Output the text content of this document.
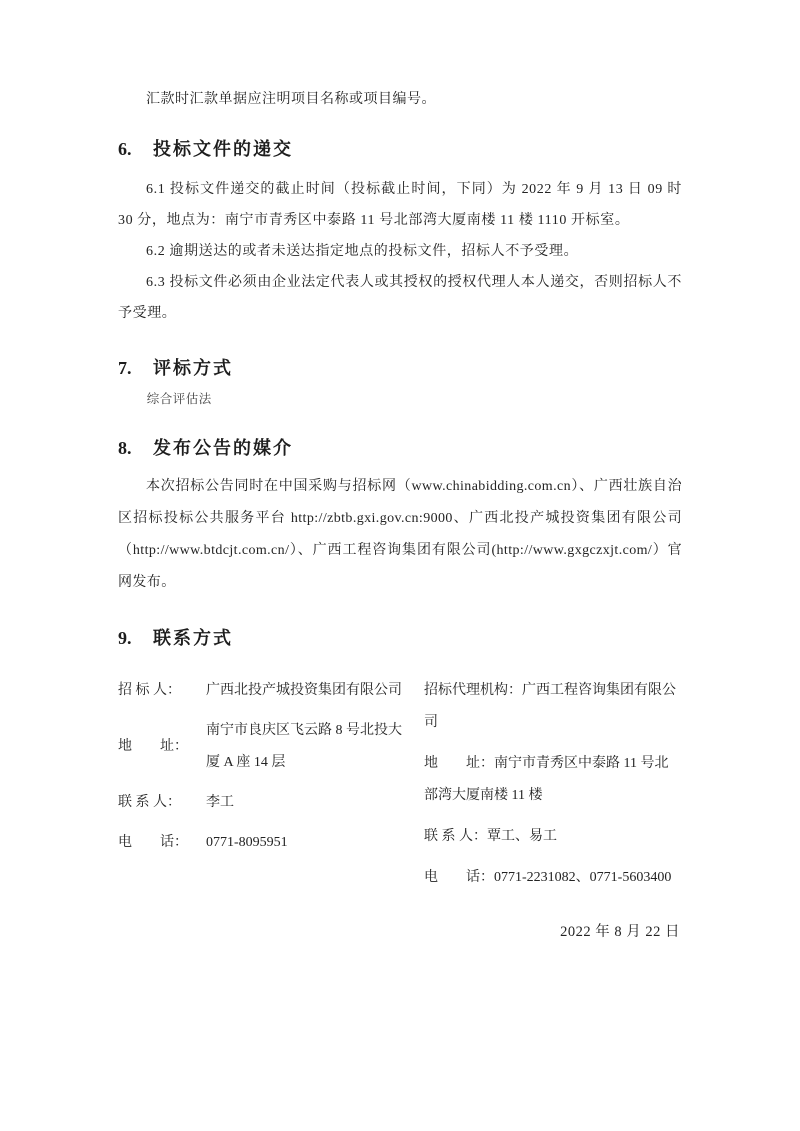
汇款时汇款单据应注明项目名称或项目编号。

6.	投标文件的递交

6.1 投标文件递交的截止时间（投标截止时间，下同）为 2022 年 9 月 13 日 09 时 30 分，地点为：南宁市青秀区中泰路 11 号北部湾大厦南楼 11 楼 1110 开标室。

6.2 逾期送达的或者未送达指定地点的投标文件，招标人不予受理。

6.3 投标文件必须由企业法定代表人或其授权的授权代理人本人递交，否则招标人不予受理。

7.	评标方式

综合评估法

8.	发布公告的媒介

本次招标公告同时在中国采购与招标网（www.chinabidding.com.cn）、广西壮族自治区招标投标公共服务平台 http://zbtb.gxi.gov.cn:9000、广西北投产城投资集团有限公司（http://www.btdcjt.com.cn/）、广西工程咨询集团有限公司(http://www.gxgczxjt.com/）官网发布。

9.	联系方式
招 标 人：	广西北投产城投资集团有限公司
地　　址：
南宁市良庆区飞云路 8 号北投大厦 A 座 14 层
联 系 人：	李工
电　　话：	0771-8095951

招标代理机构：广西工程咨询集团有限公司

地　　址：南宁市青秀区中泰路 11 号北部湾大厦南楼 11 楼

联 系 人：覃工、易工

电　　话：0771-2231082、0771-5603400

2022 年 8 月 22 日
